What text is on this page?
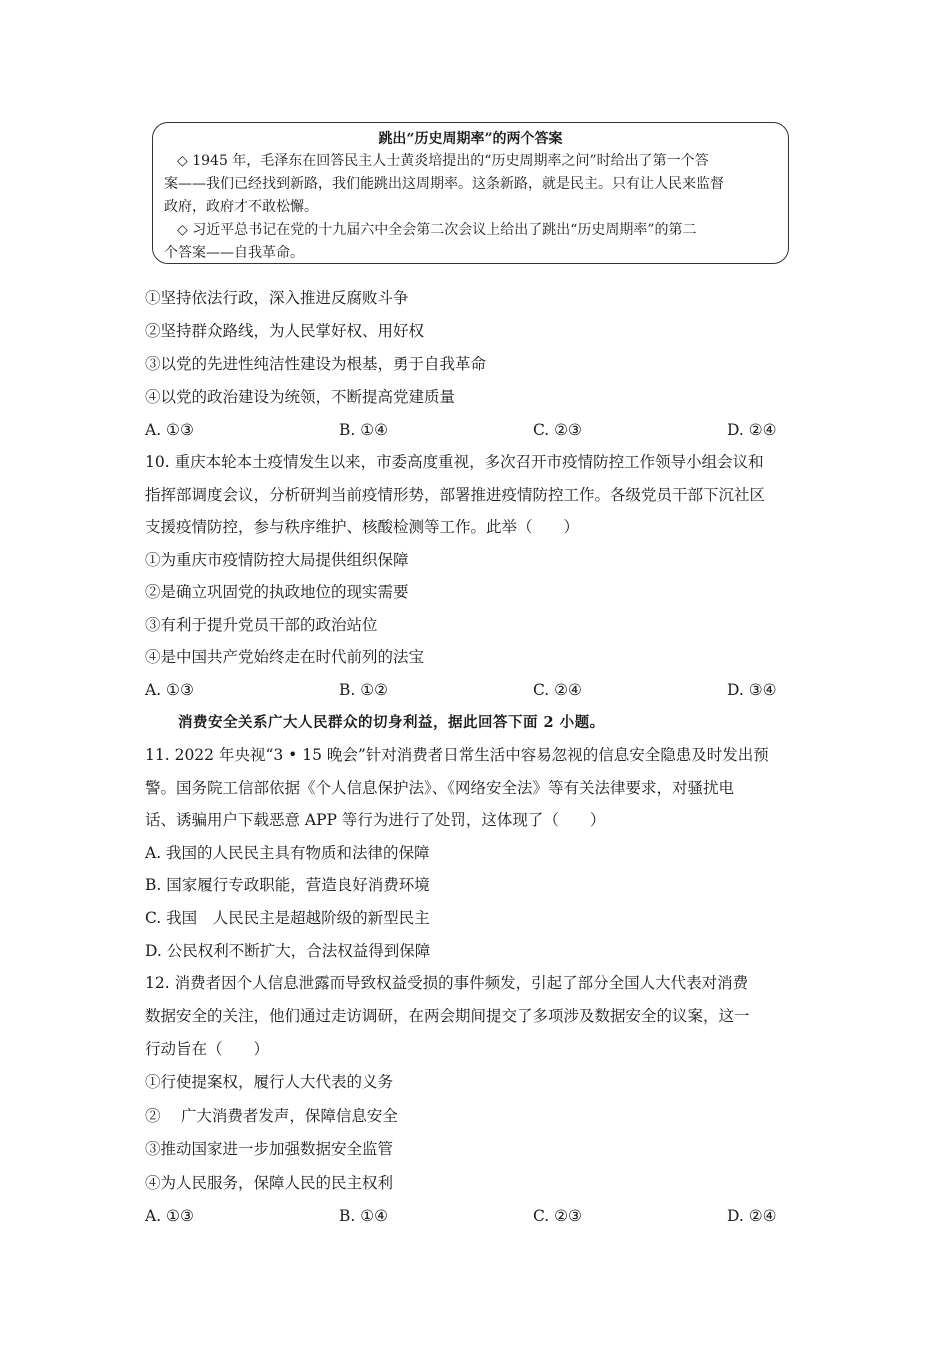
跳出“历史周期率”的两个答案
◇ 1945 年，毛泽东在回答民主人士黄炎培提出的“历史周期率之问”时给出了第一个答
案——我们已经找到新路，我们能跳出这周期率。这条新路，就是民主。只有让人民来监督
政府，政府才不敢松懈。
◇ 习近平总书记在党的十九届六中全会第二次会议上给出了跳出“历史周期率”的第二
个答案——自我革命。
①坚持依法行政，深入推进反腐败斗争
②坚持群众路线，为人民掌好权、用好权
③以党的先进性纯洁性建设为根基，勇于自我革命
④以党的政治建设为统领，不断提高党建质量
A. ①③	B. ①④	C. ②③	D. ②④
10. 重庆本轮本土疫情发生以来，市委高度重视，多次召开市疫情防控工作领导小组会议和
指挥部调度会议，分析研判当前疫情形势，部署推进疫情防控工作。各级党员干部下沉社区
支援疫情防控，参与秩序维护、核酸检测等工作。此举（　　）
①为重庆市疫情防控大局提供组织保障
②是确立巩固党的执政地位的现实需要
③有利于提升党员干部的政治站位
④是中国共产党始终走在时代前列的法宝
A. ①③	B. ①②	C. ②④	D. ③④
消费安全关系广大人民群众的切身利益，据此回答下面 2 小题。
11. 2022 年央视“3 • 15 晚会”针对消费者日常生活中容易忽视的信息安全隐患及时发出预
警。国务院工信部依据《个人信息保护法》、《网络安全法》等有关法律要求，对骚扰电
话、诱骗用户下载恶意 APP 等行为进行了处罚，这体现了（　　）
A. 我国的人民民主具有物质和法律的保障
B. 国家履行专政职能，营造良好消费环境
C. 我国　人民民主是超越阶级的新型民主
D. 公民权利不断扩大，合法权益得到保障
12. 消费者因个人信息泄露而导致权益受损的事件频发，引起了部分全国人大代表对消费
数据安全的关注，他们通过走访调研，在两会期间提交了多项涉及数据安全的议案，这一
行动旨在（　　）
①行使提案权，履行人大代表的义务
②　 广大消费者发声，保障信息安全
③推动国家进一步加强数据安全监管
④为人民服务，保障人民的民主权利
A. ①③	B. ①④	C. ②③	D. ②④
